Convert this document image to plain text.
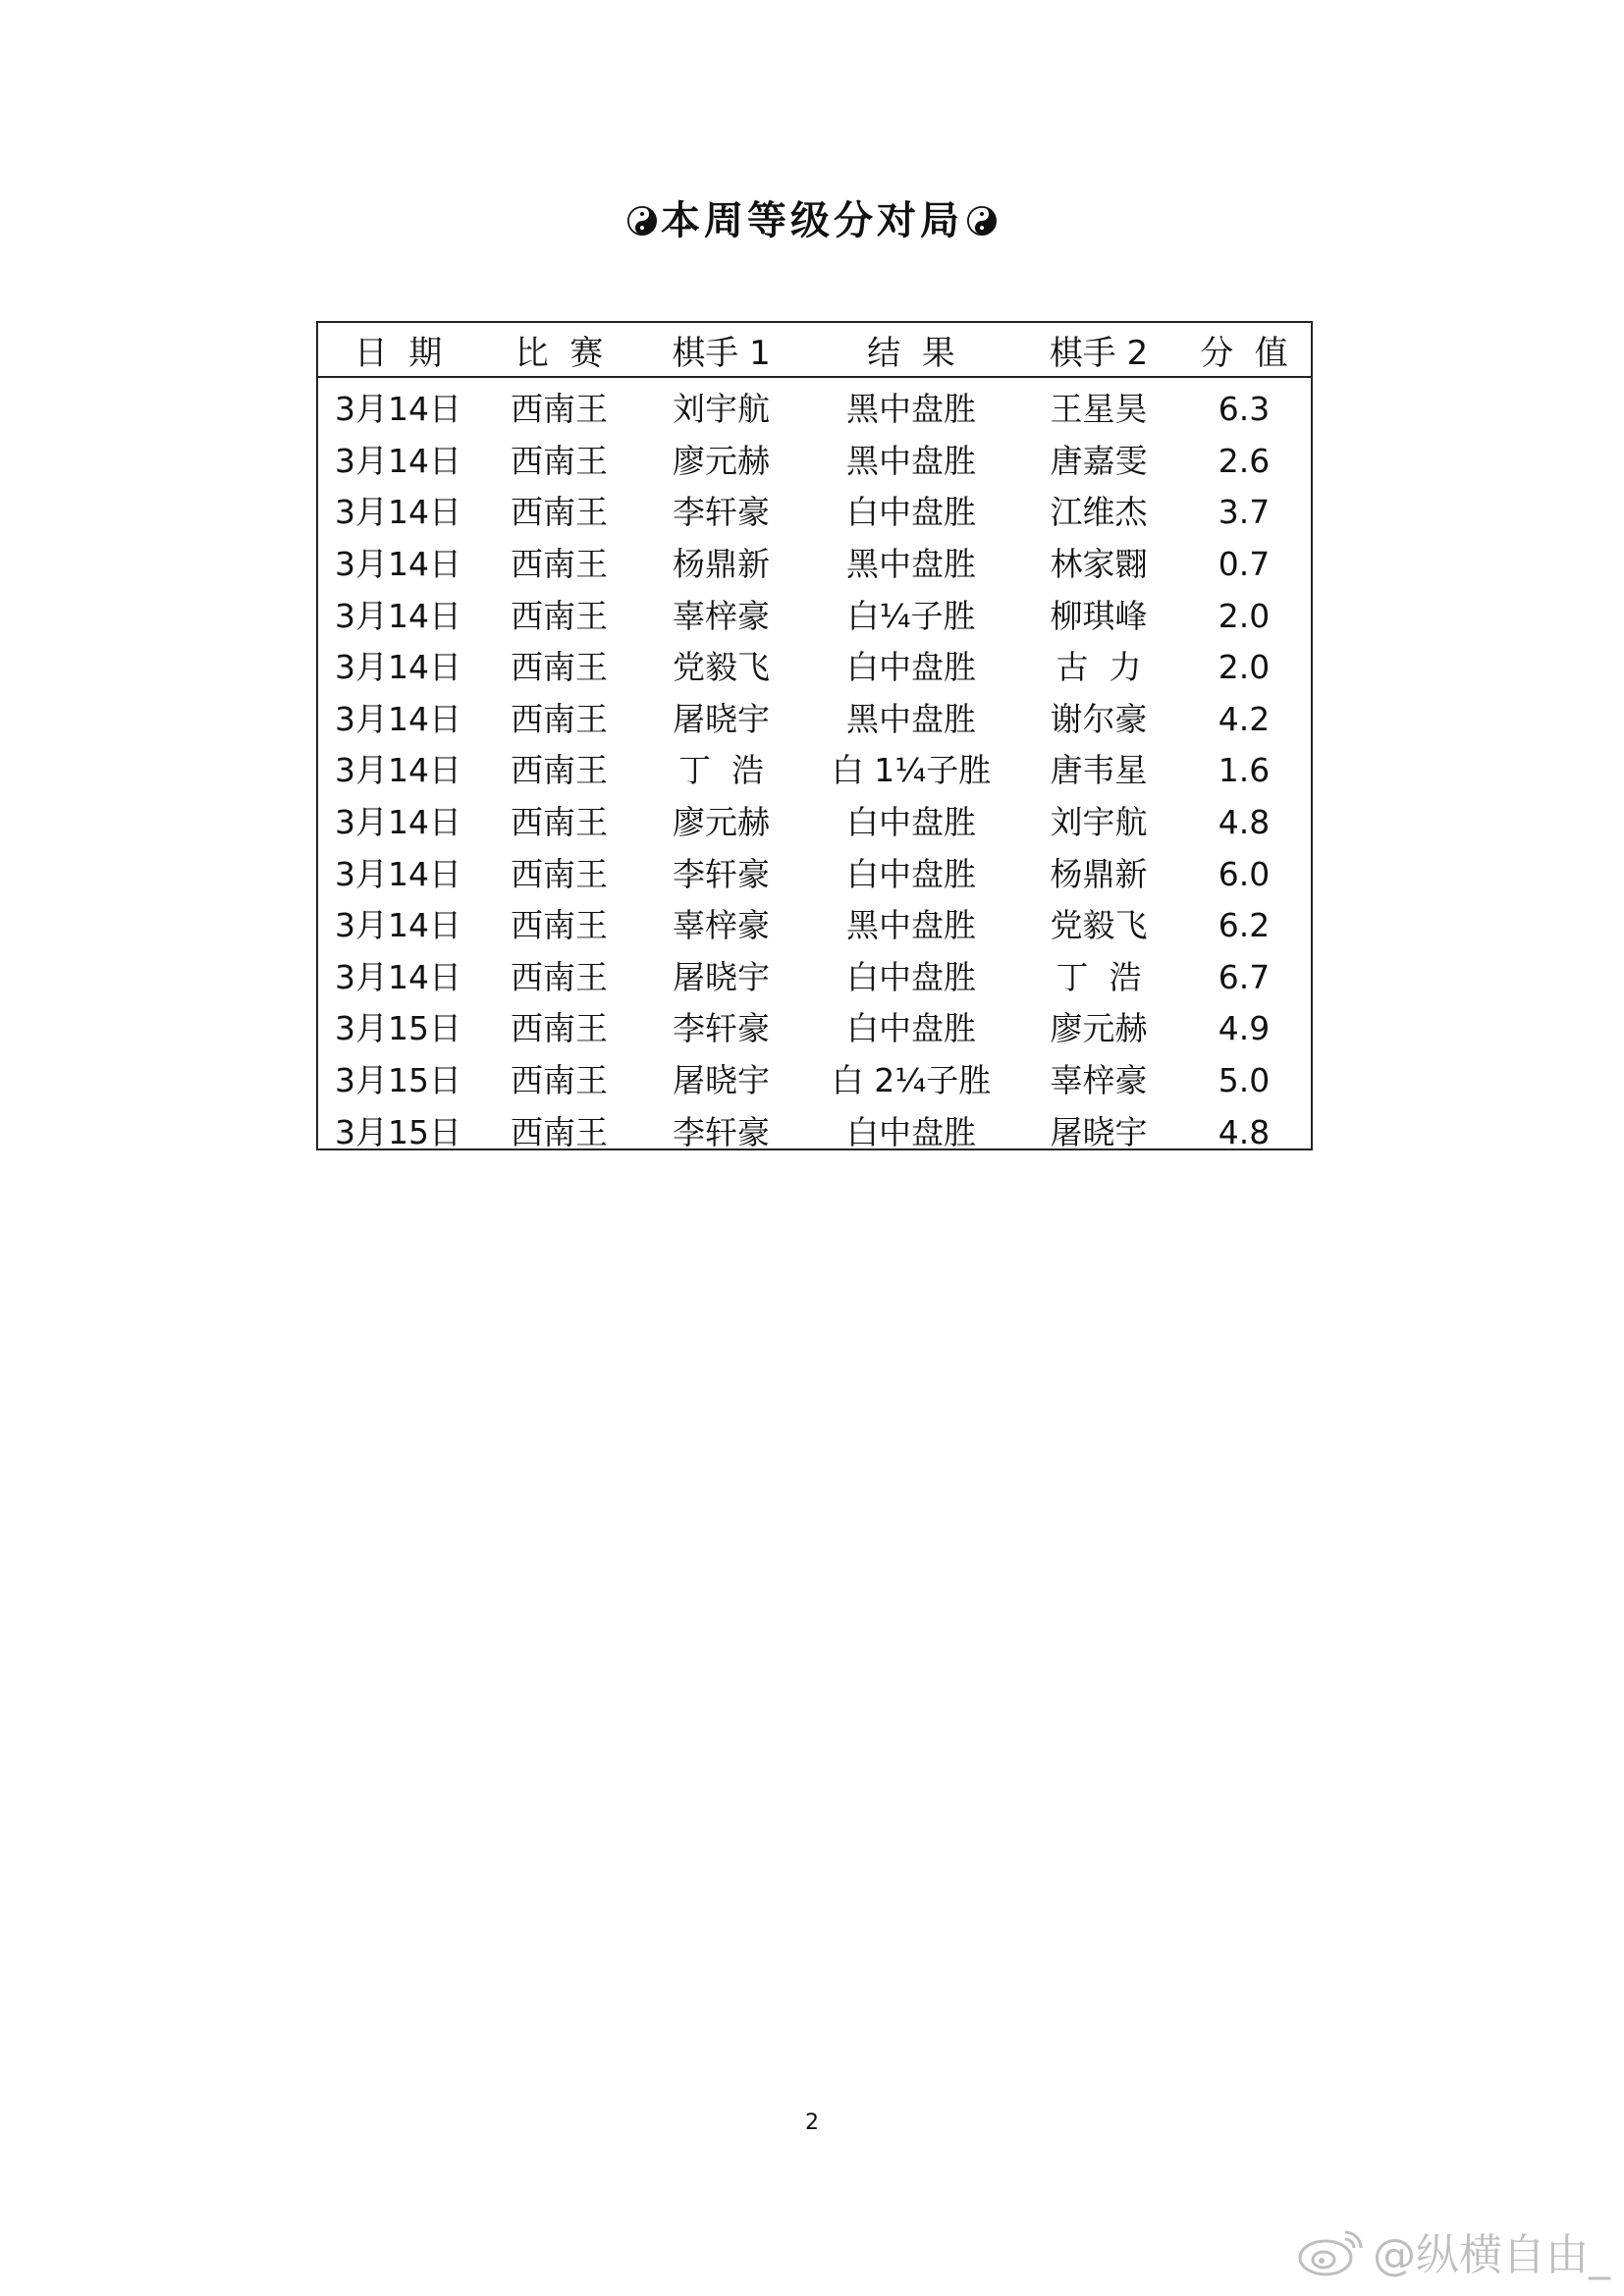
本周等级分对局
日  期	比  赛	棋手 1	结  果	棋手 2	分  值
3月14日	西南王	刘宇航	黑中盘胜	王星昊	6.3
3月14日	西南王	廖元赫	黑中盘胜	唐嘉雯	2.6
3月14日	西南王	李轩豪	白中盘胜	江维杰	3.7
3月14日	西南王	杨鼎新	黑中盘胜	林家翾	0.7
3月14日	西南王	辜梓豪	白¼子胜	柳琪峰	2.0
3月14日	西南王	党毅飞	白中盘胜	古  力	2.0
3月14日	西南王	屠晓宇	黑中盘胜	谢尔豪	4.2
3月14日	西南王	丁  浩	白 1¼子胜	唐韦星	1.6
3月14日	西南王	廖元赫	白中盘胜	刘宇航	4.8
3月14日	西南王	李轩豪	白中盘胜	杨鼎新	6.0
3月14日	西南王	辜梓豪	黑中盘胜	党毅飞	6.2
3月14日	西南王	屠晓宇	白中盘胜	丁  浩	6.7
3月15日	西南王	李轩豪	白中盘胜	廖元赫	4.9
3月15日	西南王	屠晓宇	白 2¼子胜	辜梓豪	5.0
3月15日	西南王	李轩豪	白中盘胜	屠晓宇	4.8
2
@纵横自由_
